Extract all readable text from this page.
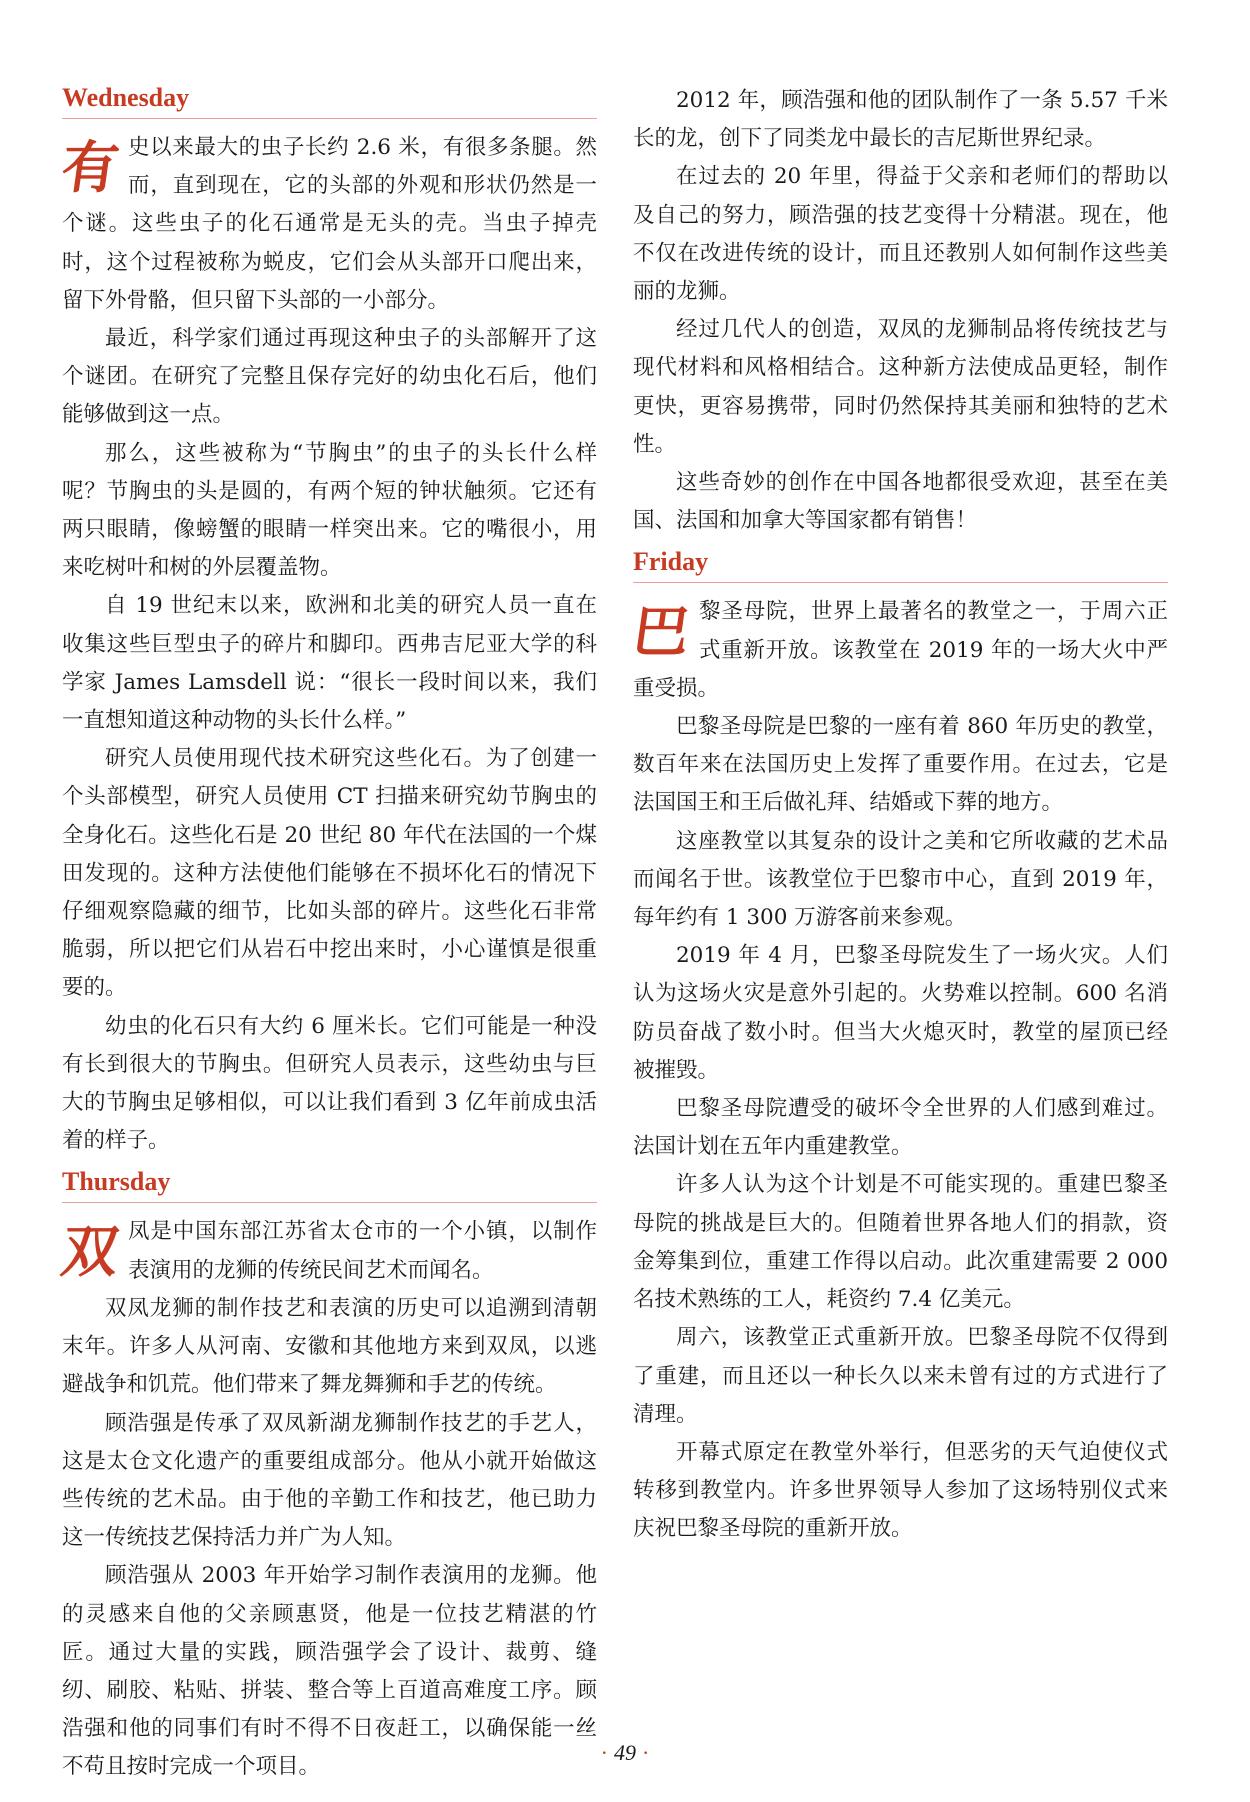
Wednesday

有史以来最大的虫子长约 2.6 米，有很多条腿。然而，直到现在，它的头部的外观和形状仍然是一个谜。这些虫子的化石通常是无头的壳。当虫子掉壳时，这个过程被称为蜕皮，它们会从头部开口爬出来，留下外骨骼，但只留下头部的一小部分。

最近，科学家们通过再现这种虫子的头部解开了这个谜团。在研究了完整且保存完好的幼虫化石后，他们能够做到这一点。

那么，这些被称为“节胸虫”的虫子的头长什么样呢？节胸虫的头是圆的，有两个短的钟状触须。它还有两只眼睛，像螃蟹的眼睛一样突出来。它的嘴很小，用来吃树叶和树的外层覆盖物。

自 19 世纪末以来，欧洲和北美的研究人员一直在收集这些巨型虫子的碎片和脚印。西弗吉尼亚大学的科学家 James Lamsdell 说：“很长一段时间以来，我们一直想知道这种动物的头长什么样。”

研究人员使用现代技术研究这些化石。为了创建一个头部模型，研究人员使用 CT 扫描来研究幼节胸虫的全身化石。这些化石是 20 世纪 80 年代在法国的一个煤田发现的。这种方法使他们能够在不损坏化石的情况下仔细观察隐藏的细节，比如头部的碎片。这些化石非常脆弱，所以把它们从岩石中挖出来时，小心谨慎是很重要的。

幼虫的化石只有大约 6 厘米长。它们可能是一种没有长到很大的节胸虫。但研究人员表示，这些幼虫与巨大的节胸虫足够相似，可以让我们看到 3 亿年前成虫活着的样子。

Thursday

双凤是中国东部江苏省太仓市的一个小镇，以制作表演用的龙狮的传统民间艺术而闻名。

双凤龙狮的制作技艺和表演的历史可以追溯到清朝末年。许多人从河南、安徽和其他地方来到双凤，以逃避战争和饥荒。他们带来了舞龙舞狮和手艺的传统。

顾浩强是传承了双凤新湖龙狮制作技艺的手艺人，这是太仓文化遗产的重要组成部分。他从小就开始做这些传统的艺术品。由于他的辛勤工作和技艺，他已助力这一传统技艺保持活力并广为人知。

顾浩强从 2003 年开始学习制作表演用的龙狮。他的灵感来自他的父亲顾惠贤，他是一位技艺精湛的竹匠。通过大量的实践，顾浩强学会了设计、裁剪、缝纫、刷胶、粘贴、拼装、整合等上百道高难度工序。顾浩强和他的同事们有时不得不日夜赶工，以确保能一丝不苟且按时完成一个项目。

2012 年，顾浩强和他的团队制作了一条 5.57 千米长的龙，创下了同类龙中最长的吉尼斯世界纪录。

在过去的 20 年里，得益于父亲和老师们的帮助以及自己的努力，顾浩强的技艺变得十分精湛。现在，他不仅在改进传统的设计，而且还教别人如何制作这些美丽的龙狮。

经过几代人的创造，双凤的龙狮制品将传统技艺与现代材料和风格相结合。这种新方法使成品更轻，制作更快，更容易携带，同时仍然保持其美丽和独特的艺术性。

这些奇妙的创作在中国各地都很受欢迎，甚至在美国、法国和加拿大等国家都有销售！

Friday

巴黎圣母院，世界上最著名的教堂之一，于周六正式重新开放。该教堂在 2019 年的一场大火中严重受损。

巴黎圣母院是巴黎的一座有着 860 年历史的教堂，数百年来在法国历史上发挥了重要作用。在过去，它是法国国王和王后做礼拜、结婚或下葬的地方。

这座教堂以其复杂的设计之美和它所收藏的艺术品而闻名于世。该教堂位于巴黎市中心，直到 2019 年，每年约有 1 300 万游客前来参观。

2019 年 4 月，巴黎圣母院发生了一场火灾。人们认为这场火灾是意外引起的。火势难以控制。600 名消防员奋战了数小时。但当大火熄灭时，教堂的屋顶已经被摧毁。

巴黎圣母院遭受的破坏令全世界的人们感到难过。法国计划在五年内重建教堂。

许多人认为这个计划是不可能实现的。重建巴黎圣母院的挑战是巨大的。但随着世界各地人们的捐款，资金筹集到位，重建工作得以启动。此次重建需要 2 000 名技术熟练的工人，耗资约 7.4 亿美元。

周六，该教堂正式重新开放。巴黎圣母院不仅得到了重建，而且还以一种长久以来未曾有过的方式进行了清理。

开幕式原定在教堂外举行，但恶劣的天气迫使仪式转移到教堂内。许多世界领导人参加了这场特别仪式来庆祝巴黎圣母院的重新开放。

· 49 ·
